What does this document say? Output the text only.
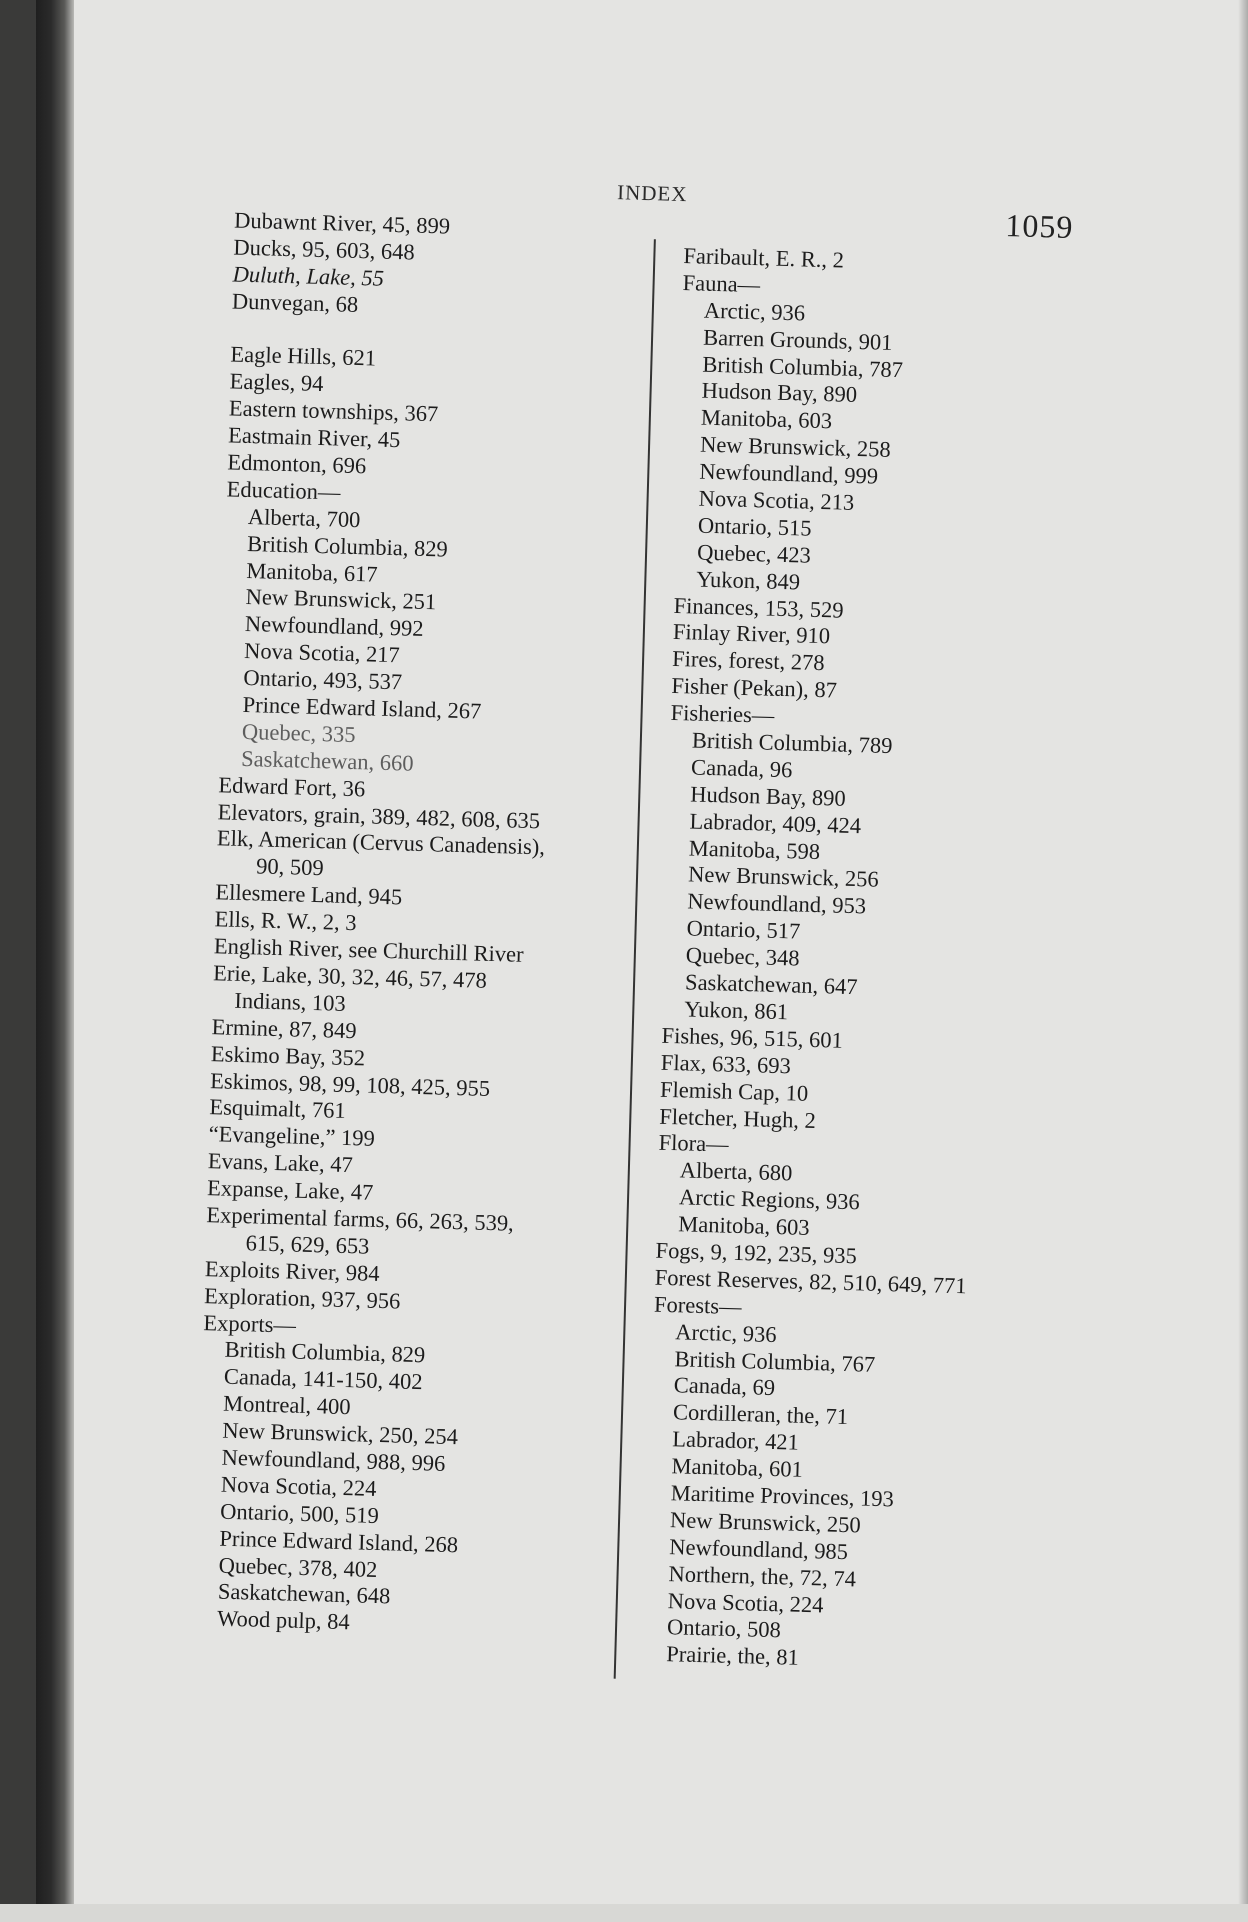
INDEX
1059
Dubawnt River, 45, 899
Ducks, 95, 603, 648
Duluth, Lake, 55
Dunvegan, 68
Eagle Hills, 621
Eagles, 94
Eastern townships, 367
Eastmain River, 45
Edmonton, 696
Education—
Alberta, 700
British Columbia, 829
Manitoba, 617
New Brunswick, 251
Newfoundland, 992
Nova Scotia, 217
Ontario, 493, 537
Prince Edward Island, 267
Quebec, 335
Saskatchewan, 660
Edward Fort, 36
Elevators, grain, 389, 482, 608, 635
Elk, American (Cervus Canadensis),
90, 509
Ellesmere Land, 945
Ells, R. W., 2, 3
English River, see Churchill River
Erie, Lake, 30, 32, 46, 57, 478
Indians, 103
Ermine, 87, 849
Eskimo Bay, 352
Eskimos, 98, 99, 108, 425, 955
Esquimalt, 761
“Evangeline,” 199
Evans, Lake, 47
Expanse, Lake, 47
Experimental farms, 66, 263, 539,
615, 629, 653
Exploits River, 984
Exploration, 937, 956
Exports—
British Columbia, 829
Canada, 141-150, 402
Montreal, 400
New Brunswick, 250, 254
Newfoundland, 988, 996
Nova Scotia, 224
Ontario, 500, 519
Prince Edward Island, 268
Quebec, 378, 402
Saskatchewan, 648
Wood pulp, 84
Faribault, E. R., 2
Fauna—
Arctic, 936
Barren Grounds, 901
British Columbia, 787
Hudson Bay, 890
Manitoba, 603
New Brunswick, 258
Newfoundland, 999
Nova Scotia, 213
Ontario, 515
Quebec, 423
Yukon, 849
Finances, 153, 529
Finlay River, 910
Fires, forest, 278
Fisher (Pekan), 87
Fisheries—
British Columbia, 789
Canada, 96
Hudson Bay, 890
Labrador, 409, 424
Manitoba, 598
New Brunswick, 256
Newfoundland, 953
Ontario, 517
Quebec, 348
Saskatchewan, 647
Yukon, 861
Fishes, 96, 515, 601
Flax, 633, 693
Flemish Cap, 10
Fletcher, Hugh, 2
Flora—
Alberta, 680
Arctic Regions, 936
Manitoba, 603
Fogs, 9, 192, 235, 935
Forest Reserves, 82, 510, 649, 771
Forests—
Arctic, 936
British Columbia, 767
Canada, 69
Cordilleran, the, 71
Labrador, 421
Manitoba, 601
Maritime Provinces, 193
New Brunswick, 250
Newfoundland, 985
Northern, the, 72, 74
Nova Scotia, 224
Ontario, 508
Prairie, the, 81
